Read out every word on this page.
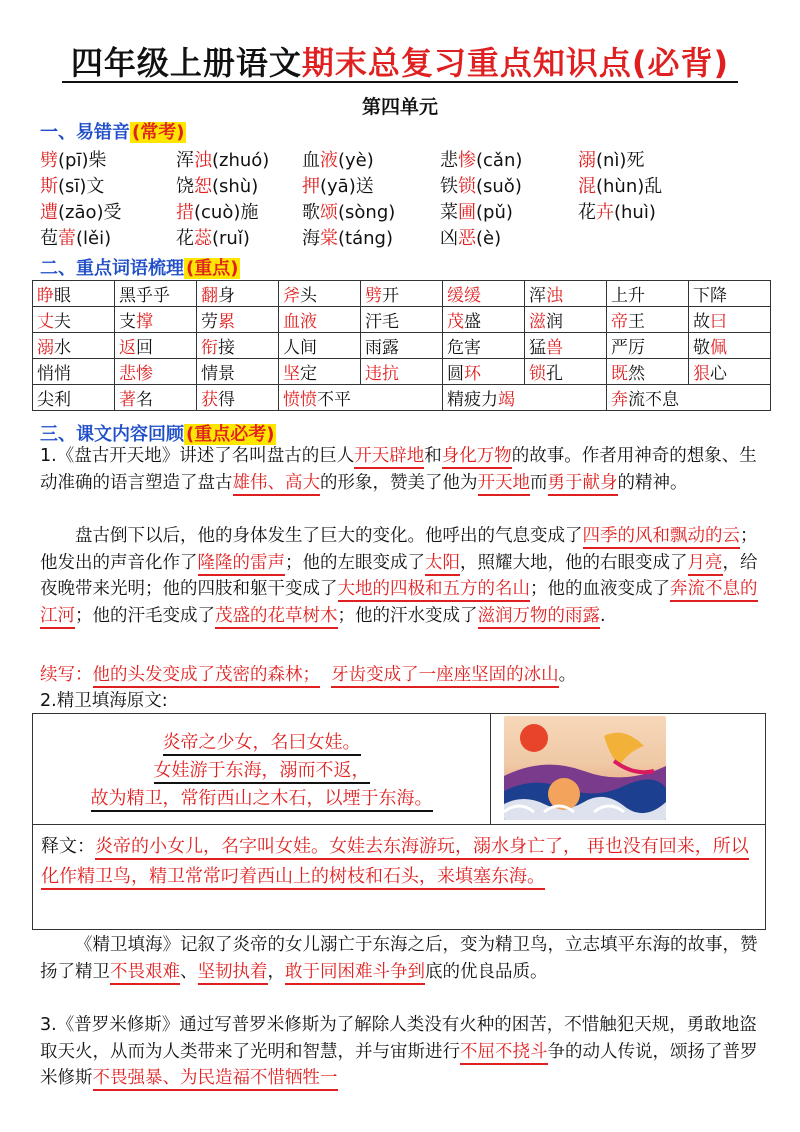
四年级上册语文期末总复习重点知识点(必背)
第四单元
一、易错音 (常考)
劈(pī)柴	浑浊(zhuó) 血液(yè)	悲惨(cǎn)	溺(nì)死
斯(sī)文	饶恕(shù) 押(yā)送	铁锁(suǒ)	混(hùn)乱
遭(zāo)受	措(cuò)施 歌颂(sòng) 菜圃(pǔ)	花卉(huì)
苞蕾(lěi)	花蕊(ruǐ)	海棠(táng)	凶恶(è)
二、重点词语梳理 (重点)
睁眼	黑乎乎	翻身	斧头	劈开	缓缓	浑浊	上升	下降
丈夫	支撑	劳累	血液	汗毛	茂盛	滋润	帝王	故曰
溺水	返回	衔接	人间	雨露	危害	猛兽	严厉	敬佩
悄悄	悲惨	情景	坚定	违抗	圆环	锁孔	既然	狠心
尖利	著名	获得	愤愤不平		精疲力竭		奔流不息	
三、课文内容回顾 (重点必考)
1.《盘古开天地》讲述了名叫盘古的巨人开天辟地和身化万物的故事。作者用神奇的想象、生动准确的语言塑造了盘古雄伟、高大的形象，赞美了他为开天地而勇于献身的精神。
盘古倒下以后，他的身体发生了巨大的变化。他呼出的气息变成了四季的风和飘动的云；他发出的声音化作了隆隆的雷声；他的左眼变成了太阳，照耀大地，他的右眼变成了月亮，给夜晚带来光明；他的四肢和躯干变成了大地的四极和五方的名山；他的血液变成了奔流不息的江河；他的汗毛变成了茂盛的花草树木；他的汗水变成了滋润万物的雨露.
续写：他的头发变成了茂密的森林； 牙齿变成了一座座坚固的冰山。
2.精卫填海原文:
炎帝之少女，名曰女娃。
女娃游于东海，溺而不返，
故为精卫，常衔西山之木石，以堙于东海。
释文：炎帝的小女儿，名字叫女娃。女娃去东海游玩，溺水身亡了， 再也没有回来，所以化作精卫鸟，精卫常常叼着西山上的树枝和石头，来填塞东海。
《精卫填海》记叙了炎帝的女儿溺亡于东海之后，变为精卫鸟，立志填平东海的故事，赞扬了精卫不畏艰难、坚韧执着，敢于同困难斗争到底的优良品质。
3.《普罗米修斯》通过写普罗米修斯为了解除人类没有火种的困苦，不惜触犯天规，勇敢地盗取天火，从而为人类带来了光明和智慧，并与宙斯进行不屈不挠斗争的动人传说，颂扬了普罗米修斯不畏强暴、为民造福不惜牺牲一
